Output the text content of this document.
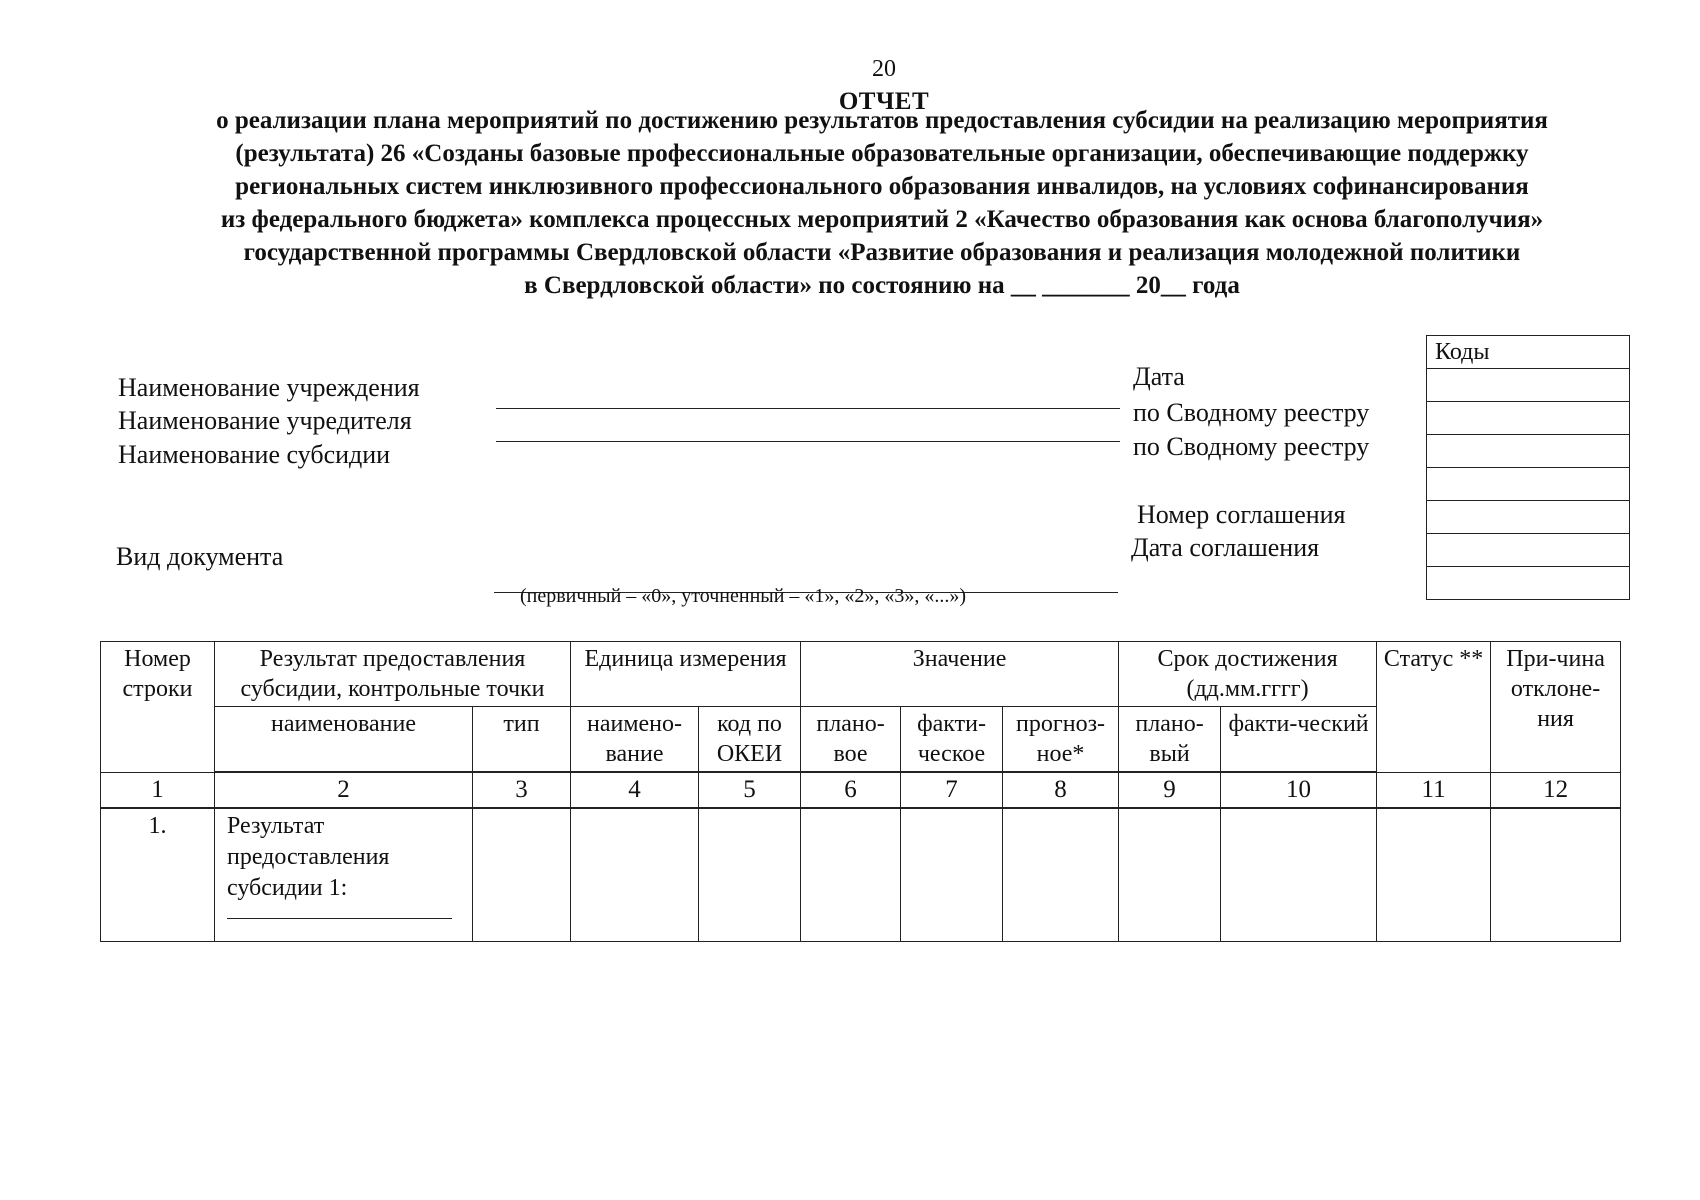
20
ОТЧЕТ
о реализации плана мероприятий по достижению результатов предоставления субсидии на реализацию мероприятия
(результата) 26 «Созданы базовые профессиональные образовательные организации, обеспечивающие поддержку
региональных систем инклюзивного профессионального образования инвалидов, на условиях софинансирования
из федерального бюджета» комплекса процессных мероприятий 2 «Качество образования как основа благополучия»
государственной программы Свердловской области «Развитие образования и реализация молодежной политики
в Свердловской области» по состоянию на __ _______ 20__ года
Наименование учреждения
Наименование учредителя
Наименование субсидии
Вид документа
(первичный – «0», уточненный – «1», «2», «3», «...»)
Дата
по Сводному реестру
по Сводному реестру
Номер соглашения
Дата соглашения
Коды

Номер строки	Результат предоставления субсидии, контрольные точки		Единица измерения		Значение			Срок достижения (дд.мм.гггг)		Статус **	При-чина отклоне-ния
	наименование	тип	наимено-вание	код по ОКЕИ	плано-вое	факти-ческое	прогноз-ное*	плано-вый	факти-ческий		
1	2	3	4	5	6	7	8	9	10	11	12
1.	Результат предоставления субсидии 1:
